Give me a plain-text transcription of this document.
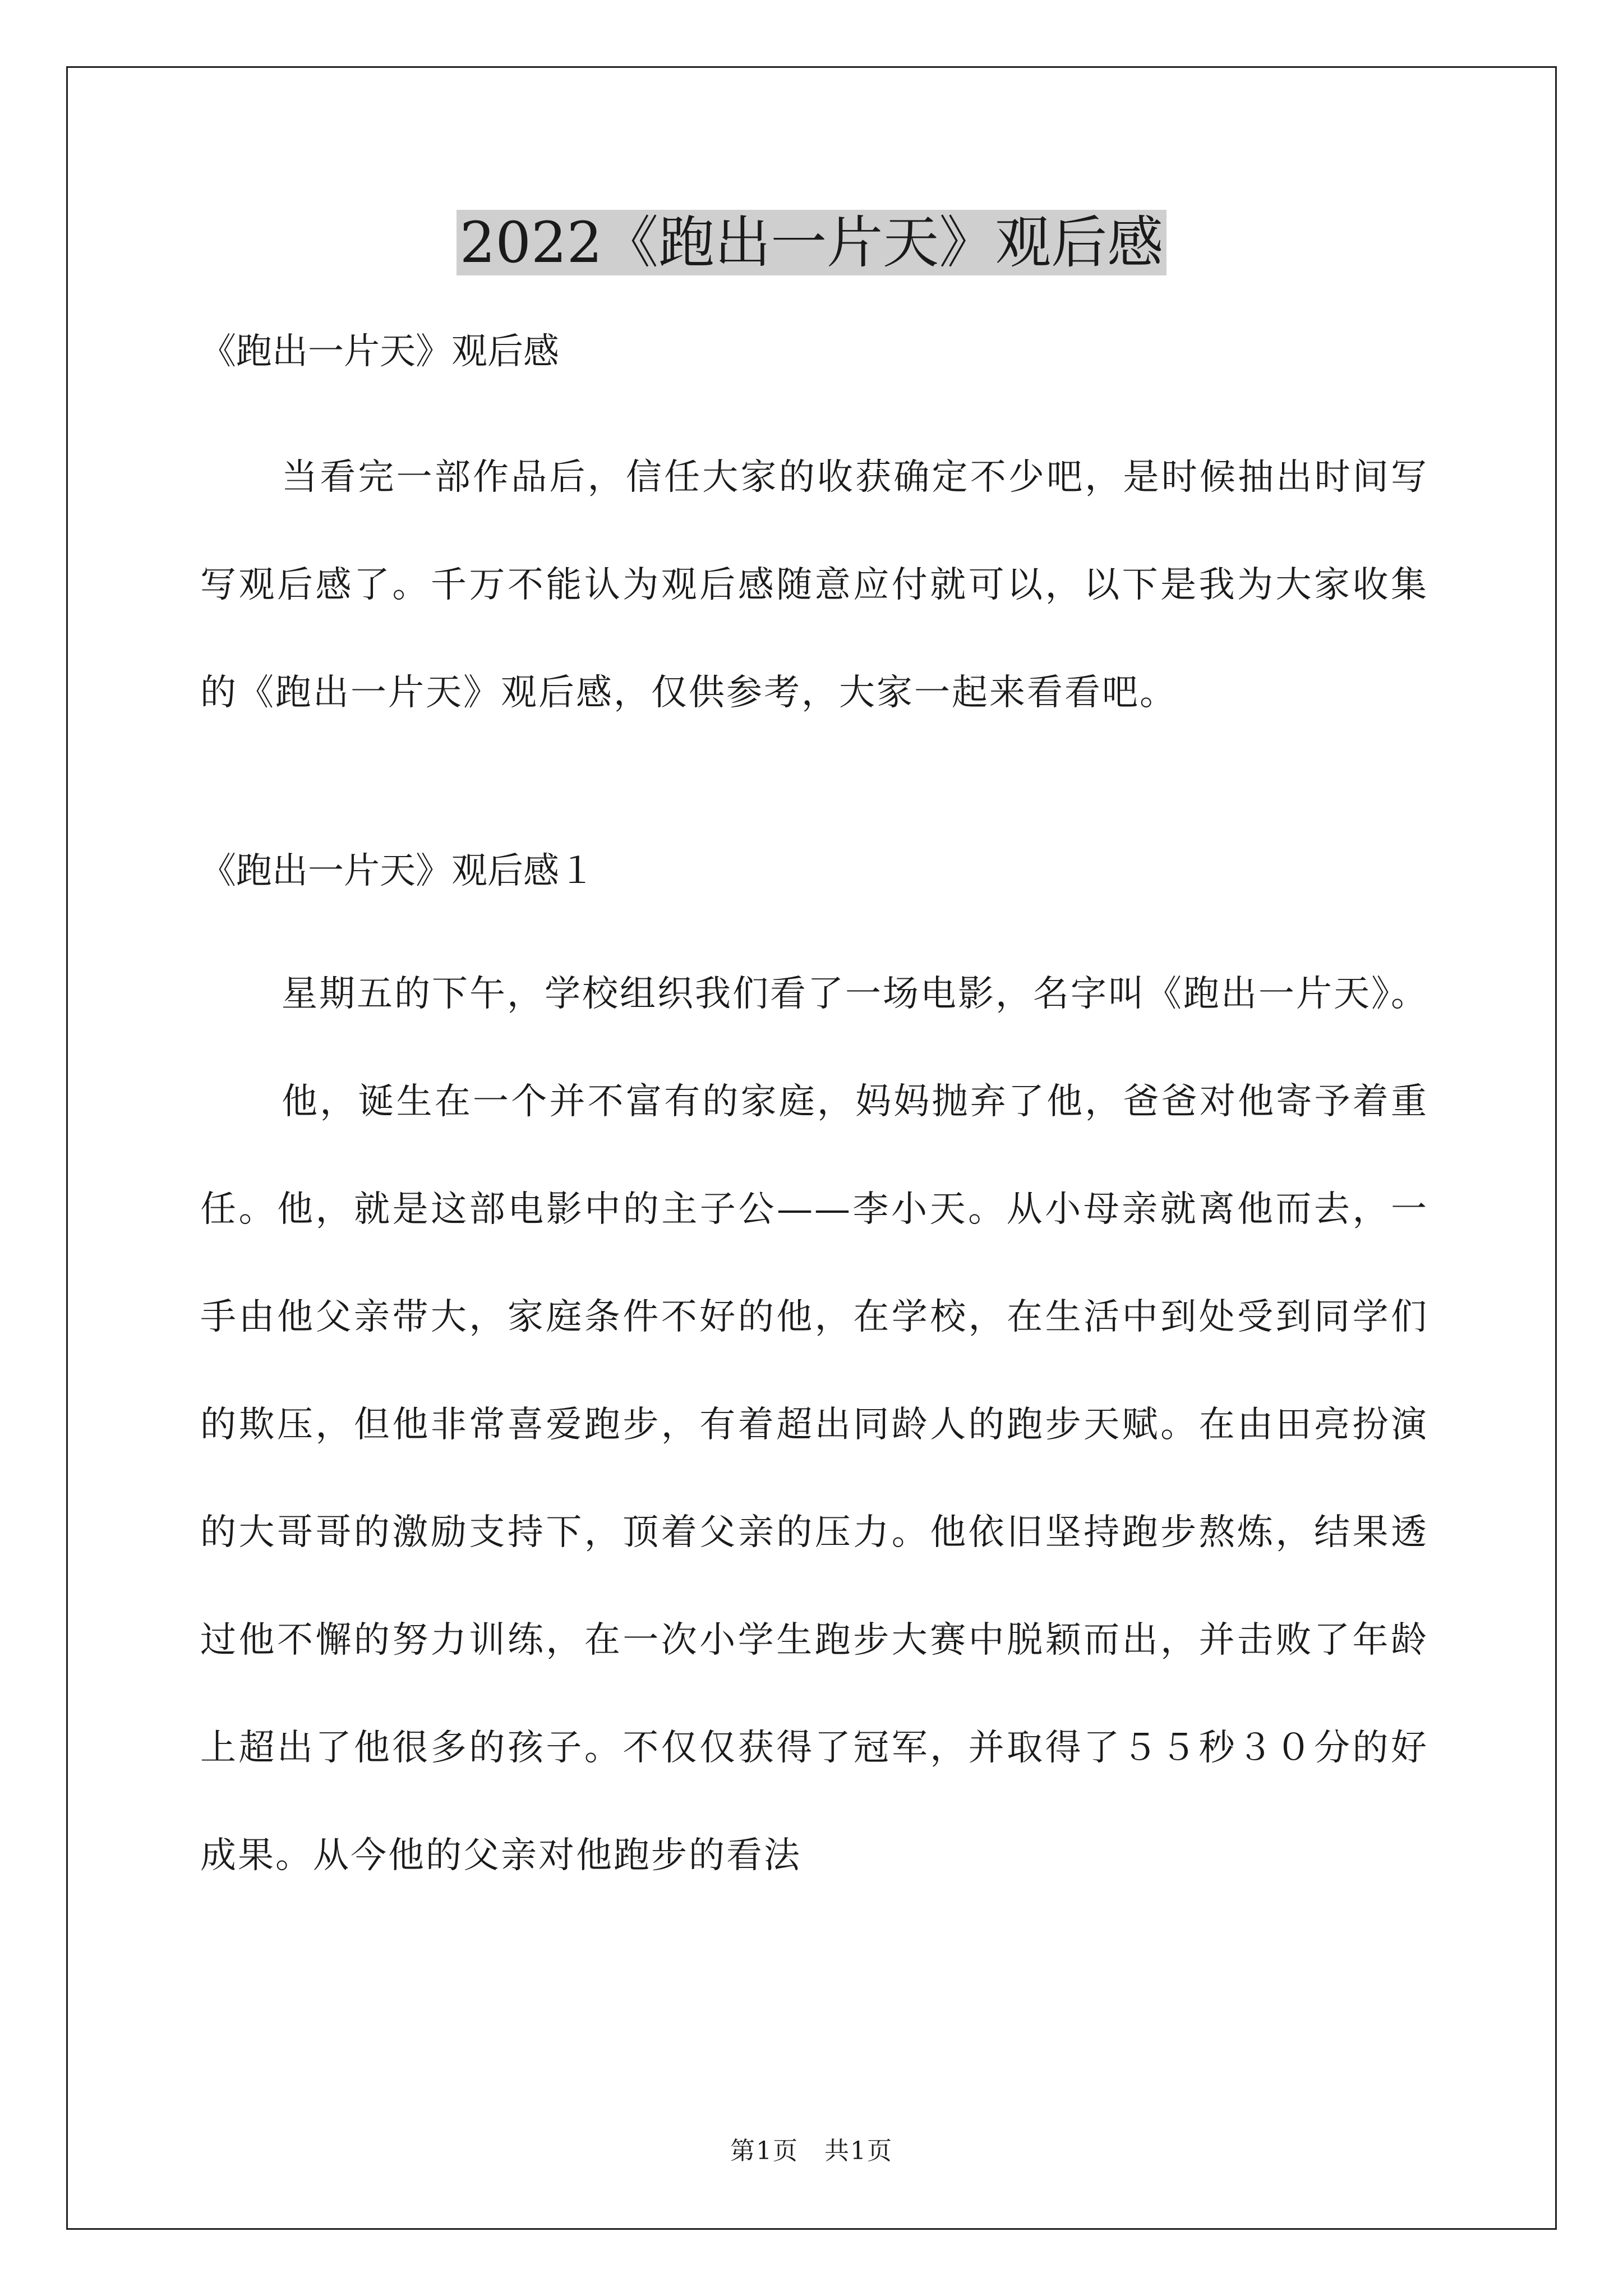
2022《跑出一片天》观后感
《跑出一片天》观后感

当看完一部作品后，信任大家的收获确定不少吧，是时候抽出时间写写观后感了。千万不能认为观后感随意应付就可以，以下是我为大家收集的《跑出一片天》观后感，仅供参考，大家一起来看看吧。

《跑出一片天》观后感１

星期五的下午，学校组织我们看了一场电影，名字叫《跑出一片天》。

他，诞生在一个并不富有的家庭，妈妈抛弃了他，爸爸对他寄予着重任。他，就是这部电影中的主子公——李小天。从小母亲就离他而去，一手由他父亲带大，家庭条件不好的他，在学校，在生活中到处受到同学们的欺压，但他非常喜爱跑步，有着超出同龄人的跑步天赋。在由田亮扮演的大哥哥的激励支持下，顶着父亲的压力。他依旧坚持跑步熬炼，结果透过他不懈的努力训练，在一次小学生跑步大赛中脱颖而出，并击败了年龄上超出了他很多的孩子。不仅仅获得了冠军，并取得了５５秒３０分的好成果。从今他的父亲对他跑步的看法

第1页　共1页
